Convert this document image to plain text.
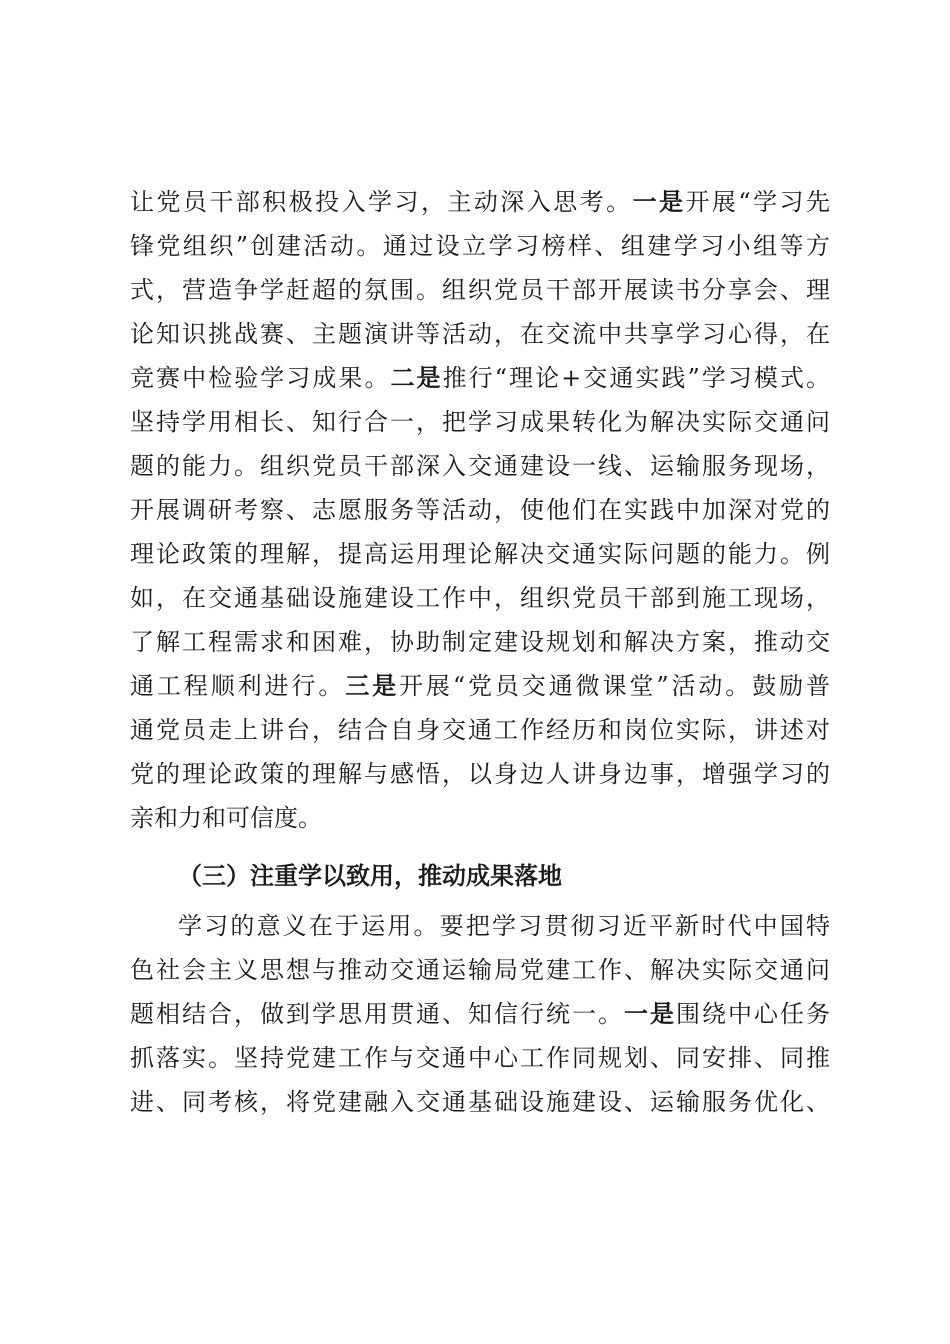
让党员干部积极投入学习，主动深入思考。一是开展“学习先
锋党组织”创建活动。通过设立学习榜样、组建学习小组等方
式，营造争学赶超的氛围。组织党员干部开展读书分享会、理
论知识挑战赛、主题演讲等活动，在交流中共享学习心得，在
竞赛中检验学习成果。二是推行“理论+交通实践”学习模式。
坚持学用相长、知行合一，把学习成果转化为解决实际交通问
题的能力。组织党员干部深入交通建设一线、运输服务现场，
开展调研考察、志愿服务等活动，使他们在实践中加深对党的
理论政策的理解，提高运用理论解决交通实际问题的能力。例
如，在交通基础设施建设工作中，组织党员干部到施工现场，
了解工程需求和困难，协助制定建设规划和解决方案，推动交
通工程顺利进行。三是开展“党员交通微课堂”活动。鼓励普
通党员走上讲台，结合自身交通工作经历和岗位实际，讲述对
党的理论政策的理解与感悟，以身边人讲身边事，增强学习的
亲和力和可信度。
（三）注重学以致用，推动成果落地
学习的意义在于运用。要把学习贯彻习近平新时代中国特
色社会主义思想与推动交通运输局党建工作、解决实际交通问
题相结合，做到学思用贯通、知信行统一。一是围绕中心任务
抓落实。坚持党建工作与交通中心工作同规划、同安排、同推
进、同考核，将党建融入交通基础设施建设、运输服务优化、
